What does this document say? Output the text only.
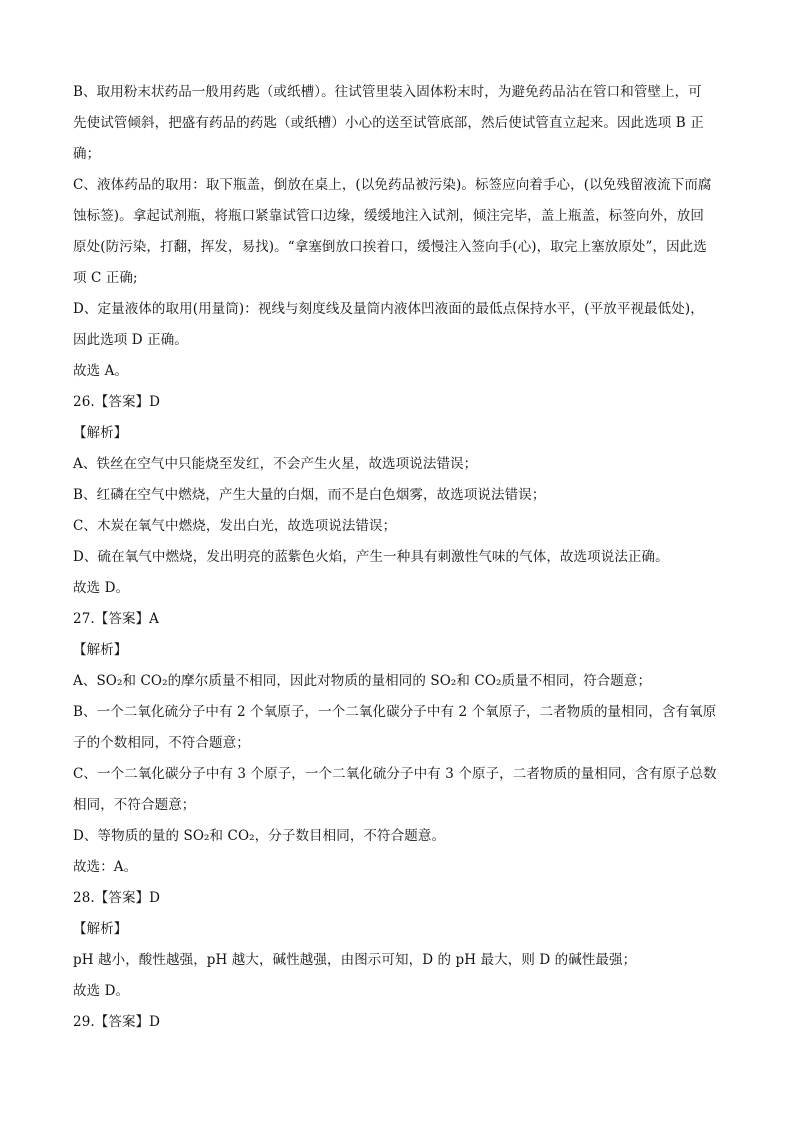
B、取用粉末状药品一般用药匙（或纸槽）。往试管里装入固体粉末时，为避免药品沾在管口和管壁上，可
先使试管倾斜，把盛有药品的药匙（或纸槽）小心的送至试管底部，然后使试管直立起来。因此选项 B 正
确；
C、液体药品的取用：取下瓶盖，倒放在桌上，(以免药品被污染)。标签应向着手心，(以免残留液流下而腐
蚀标签)。拿起试剂瓶，将瓶口紧靠试管口边缘，缓缓地注入试剂，倾注完毕，盖上瓶盖，标签向外，放回
原处(防污染，打翻，挥发，易找)。“拿塞倒放口挨着口，缓慢注入签向手(心)，取完上塞放原处”，因此选
项 C 正确;
D、定量液体的取用(用量筒)：视线与刻度线及量筒内液体凹液面的最低点保持水平，(平放平视最低处)，
因此选项 D 正确。
故选 A。
26.【答案】D
【解析】
A、铁丝在空气中只能烧至发红，不会产生火星，故选项说法错误；
B、红磷在空气中燃烧，产生大量的白烟，而不是白色烟雾，故选项说法错误；
C、木炭在氧气中燃烧，发出白光，故选项说法错误；
D、硫在氧气中燃烧，发出明亮的蓝紫色火焰，产生一种具有刺激性气味的气体，故选项说法正确。
故选 D。
27.【答案】A
【解析】
A、SO₂和 CO₂的摩尔质量不相同，因此对物质的量相同的 SO₂和 CO₂质量不相同，符合题意；
B、一个二氧化硫分子中有 2 个氧原子，一个二氧化碳分子中有 2 个氧原子，二者物质的量相同，含有氧原
子的个数相同，不符合题意；
C、一个二氧化碳分子中有 3 个原子，一个二氧化硫分子中有 3 个原子，二者物质的量相同，含有原子总数
相同，不符合题意；
D、等物质的量的 SO₂和 CO₂，分子数目相同，不符合题意。
故选：A。
28.【答案】D
【解析】
pH 越小，酸性越强，pH 越大，碱性越强，由图示可知，D 的 pH 最大，则 D 的碱性最强；
故选 D。
29.【答案】D
